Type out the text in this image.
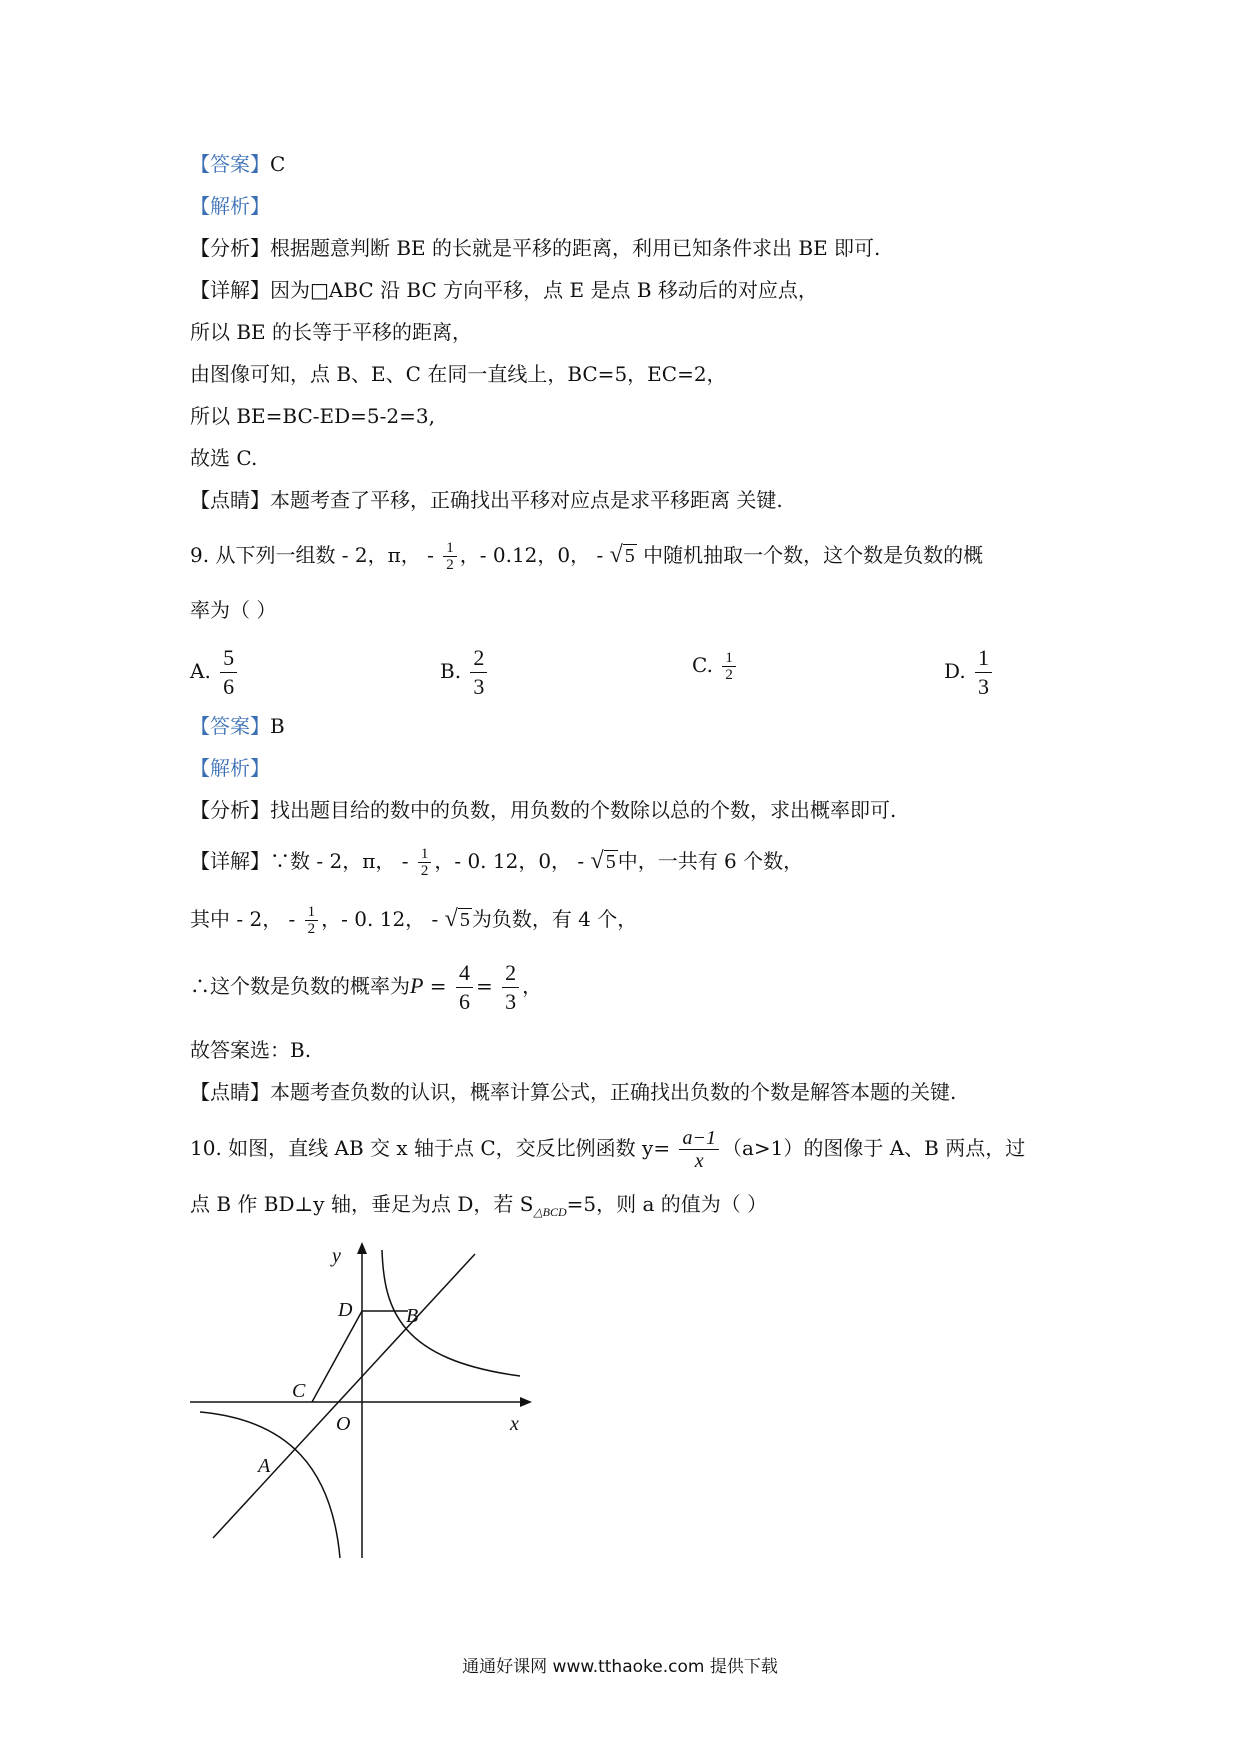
【答案】C
【解析】
【分析】根据题意判断 BE 的长就是平移的距离，利用已知条件求出 BE 即可.
【详解】因为□ABC 沿 BC 方向平移，点 E 是点 B 移动后的对应点，
所以 BE 的长等于平移的距离，
由图像可知，点 B、E、C 在同一直线上，BC=5，EC=2，
所以 BE=BC-ED=5-2=3,
故选 C.
【点睛】本题考查了平移，正确找出平移对应点是求平移距离 关键.
9. 从下列一组数 - 2，π， - $\frac{1}{2}$ ，- 0.12，0， - √ 5 中随机抽取一个数，这个数是负数的概
率为（ ）
A. $\frac{5}{6}$	B. $\frac{2}{3}$	C. $\frac{1}{2}$	D. $\frac{1}{3}$
【答案】B
【解析】
【分析】找出题目给的数中的负数，用负数的个数除以总的个数，求出概率即可.
【详解】∵数 - 2，π， - $\frac{1}{2}$ ，- 0. 12，0， - √ 5 中，一共有 6 个数，
其中 - 2， - $\frac{1}{2}$ ，- 0. 12， - √ 5 为负数，有 4 个，
∴这个数是负数的概率为$P = \frac{4}{6} = \frac{2}{3}$ ，
故答案选：B.
【点睛】本题考查负数的认识，概率计算公式，正确找出负数的个数是解答本题的关键.
10. 如图，直线 AB 交 x 轴于点 C，交反比例函数 $y= \frac{a-1}{x} (a>1)$的图像于 A、B 两点，过
点 B 作 BD⊥y 轴，垂足为点 D，若 $S_{\triangle BCD}=5$，则 a 的值为（ ）
y
x
O
D	B
C
A
通通好课网 www.tthaoke.com 提供下载
